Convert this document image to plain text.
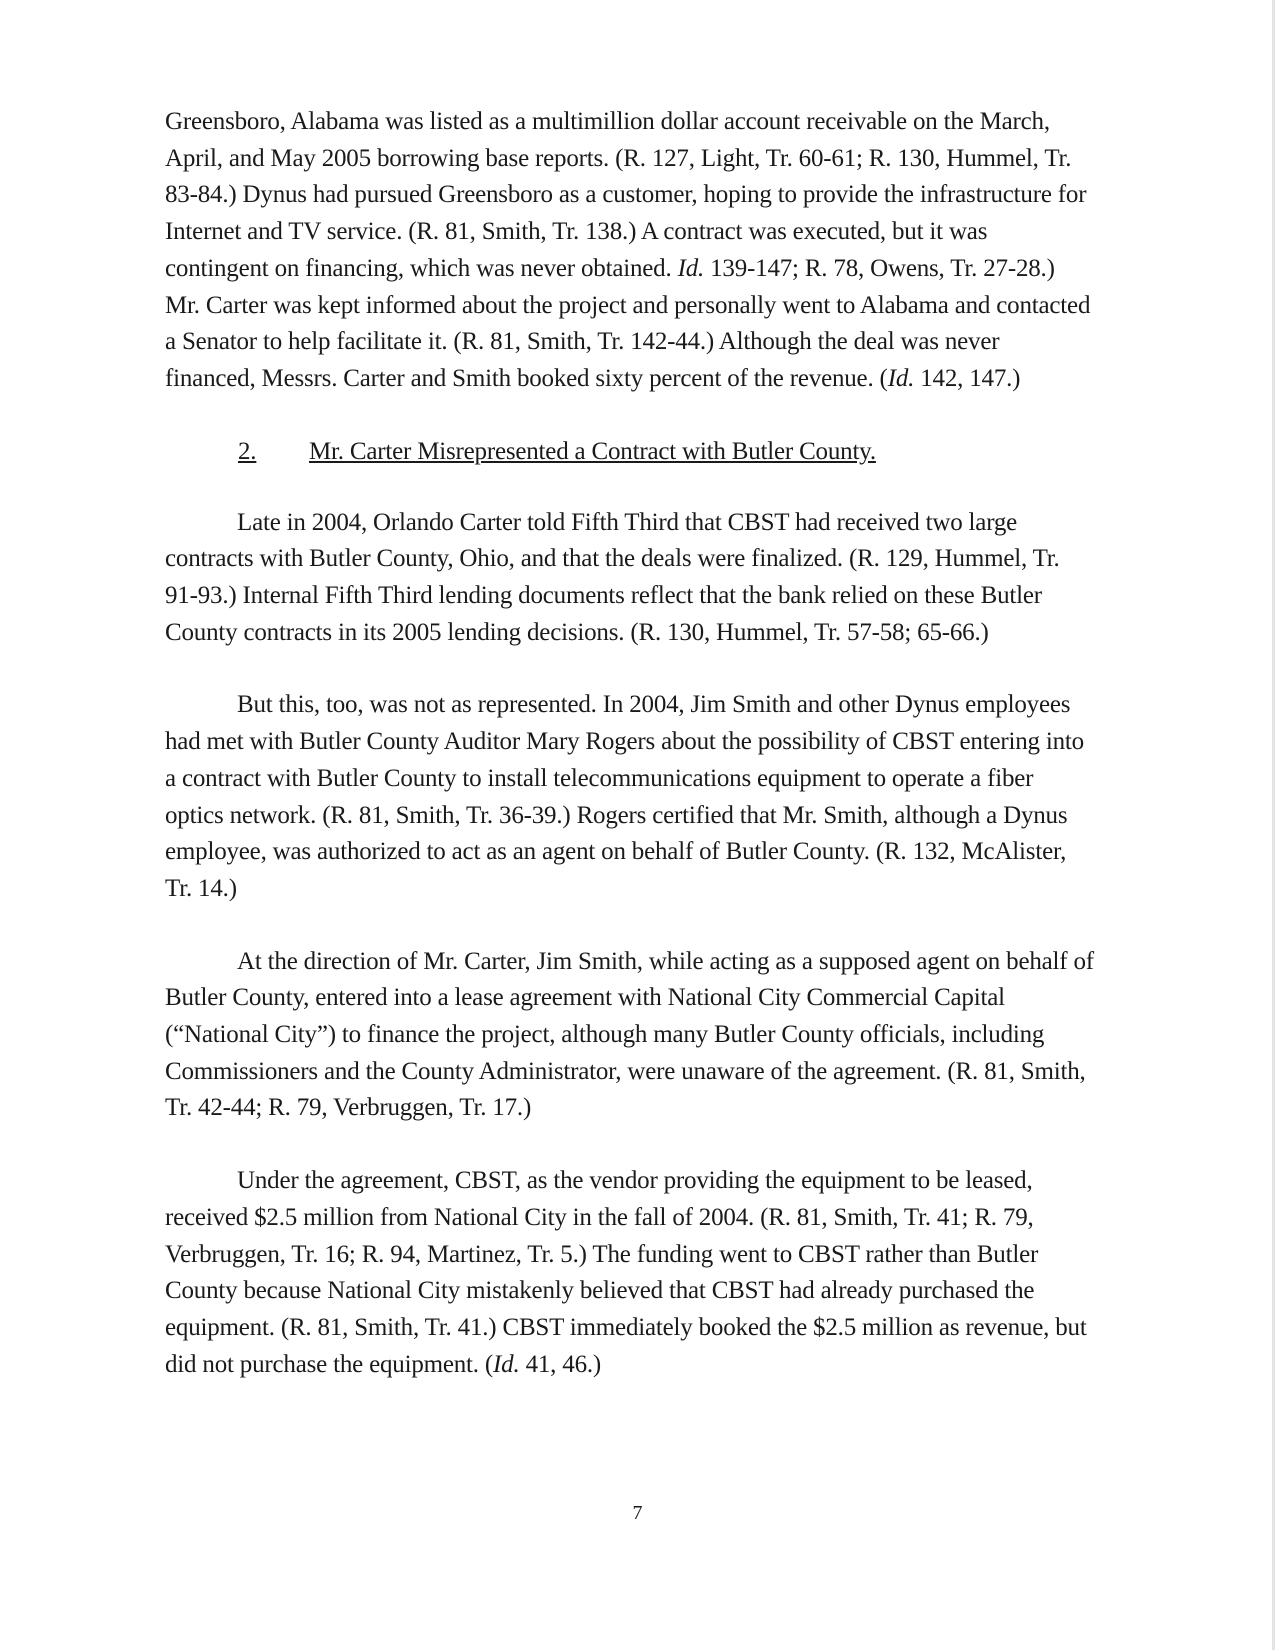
Greensboro, Alabama was listed as a multimillion dollar account receivable on the March, April, and May 2005 borrowing base reports. (R. 127, Light, Tr. 60-61; R. 130, Hummel, Tr. 83-84.) Dynus had pursued Greensboro as a customer, hoping to provide the infrastructure for Internet and TV service. (R. 81, Smith, Tr. 138.) A contract was executed, but it was contingent on financing, which was never obtained. Id. 139-147; R. 78, Owens, Tr. 27-28.) Mr. Carter was kept informed about the project and personally went to Alabama and contacted a Senator to help facilitate it. (R. 81, Smith, Tr. 142-44.) Although the deal was never financed, Messrs. Carter and Smith booked sixty percent of the revenue. (Id. 142, 147.)

2. Mr. Carter Misrepresented a Contract with Butler County.

Late in 2004, Orlando Carter told Fifth Third that CBST had received two large contracts with Butler County, Ohio, and that the deals were finalized. (R. 129, Hummel, Tr. 91-93.) Internal Fifth Third lending documents reflect that the bank relied on these Butler County contracts in its 2005 lending decisions. (R. 130, Hummel, Tr. 57-58; 65-66.)

But this, too, was not as represented. In 2004, Jim Smith and other Dynus employees had met with Butler County Auditor Mary Rogers about the possibility of CBST entering into a contract with Butler County to install telecommunications equipment to operate a fiber optics network. (R. 81, Smith, Tr. 36-39.) Rogers certified that Mr. Smith, although a Dynus employee, was authorized to act as an agent on behalf of Butler County. (R. 132, McAlister, Tr. 14.)

At the direction of Mr. Carter, Jim Smith, while acting as a supposed agent on behalf of Butler County, entered into a lease agreement with National City Commercial Capital (“National City”) to finance the project, although many Butler County officials, including Commissioners and the County Administrator, were unaware of the agreement. (R. 81, Smith, Tr. 42-44; R. 79, Verbruggen, Tr. 17.)

Under the agreement, CBST, as the vendor providing the equipment to be leased, received $2.5 million from National City in the fall of 2004. (R. 81, Smith, Tr. 41; R. 79, Verbruggen, Tr. 16; R. 94, Martinez, Tr. 5.) The funding went to CBST rather than Butler County because National City mistakenly believed that CBST had already purchased the equipment. (R. 81, Smith, Tr. 41.) CBST immediately booked the $2.5 million as revenue, but did not purchase the equipment. (Id. 41, 46.)

7
